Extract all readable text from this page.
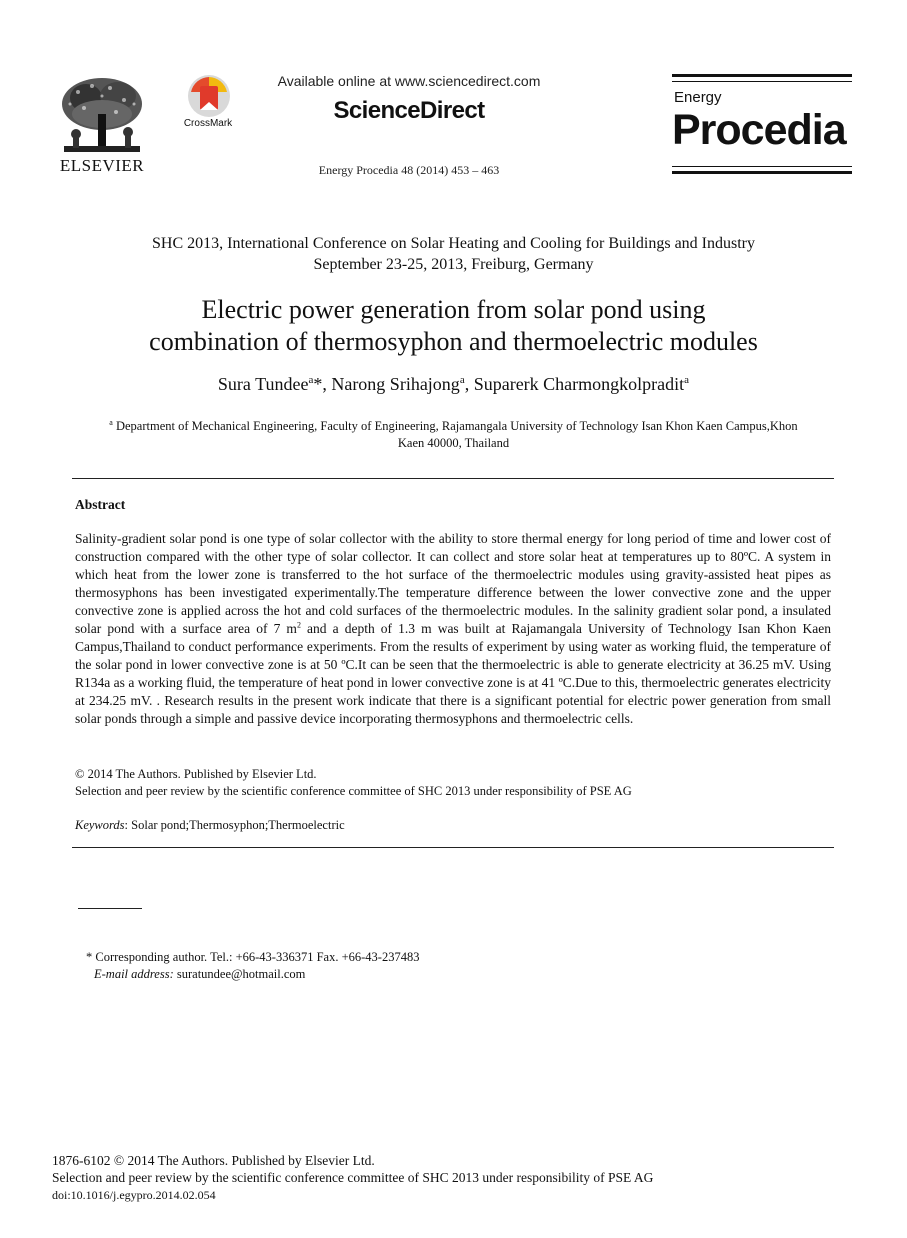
ELSEVIER
CrossMark
Available online at www.sciencedirect.com
ScienceDirect
Energy Procedia 48 (2014) 453 – 463
Energy
Procedia
SHC 2013, International Conference on Solar Heating and Cooling for Buildings and Industry
September 23-25, 2013, Freiburg, Germany
Electric power generation from solar pond using
combination of thermosyphon and thermoelectric modules
Sura Tundee$^a$*, Narong Srihajong$^a$, Suparerk Charmongkolpradit$^a$
$^a$ Department of Mechanical Engineering, Faculty of Engineering, Rajamangala University of Technology Isan Khon Kaen Campus,Khon
Kaen 40000, Thailand
Abstract
Salinity-gradient solar pond is one type of solar collector with the ability to store thermal energy for long period of time and lower cost of construction compared with the other type of solar collector. It can collect and store solar heat at temperatures up to 80ºC. A system in which heat from the lower zone is transferred to the hot surface of the thermoelectric modules using gravity-assisted heat pipes as thermosyphons has been investigated experimentally.The temperature difference between the lower convective zone and the upper convective zone is applied across the hot and cold surfaces of the thermoelectric modules. In the salinity gradient solar pond, a insulated solar pond with a surface area of 7 $m^2$ and a depth of 1.3 m was built at Rajamangala University of Technology Isan Khon Kaen Campus,Thailand to conduct performance experiments. From the results of experiment by using water as working fluid, the temperature of the solar pond in lower convective zone is at 50 ºC.It can be seen that the thermoelectric is able to generate electricity at 36.25 mV. Using R134a as a working fluid, the temperature of heat pond in lower convective zone is at 41 ºC.Due to this, thermoelectric generates electricity at 234.25 mV. . Research results in the present work indicate that there is a significant potential for electric power generation from small solar ponds through a simple and passive device incorporating thermosyphons and thermoelectric cells.
© 2014 The Authors. Published by Elsevier Ltd.
Selection and peer review by the scientific conference committee of SHC 2013 under responsibility of PSE AG
Keywords: Solar pond;Thermosyphon;Thermoelectric
* Corresponding author. Tel.: +66-43-336371 Fax. +66-43-237483
E-mail address: suratundee@hotmail.com
1876-6102 © 2014 The Authors. Published by Elsevier Ltd.
Selection and peer review by the scientific conference committee of SHC 2013 under responsibility of PSE AG
doi:10.1016/j.egypro.2014.02.054
